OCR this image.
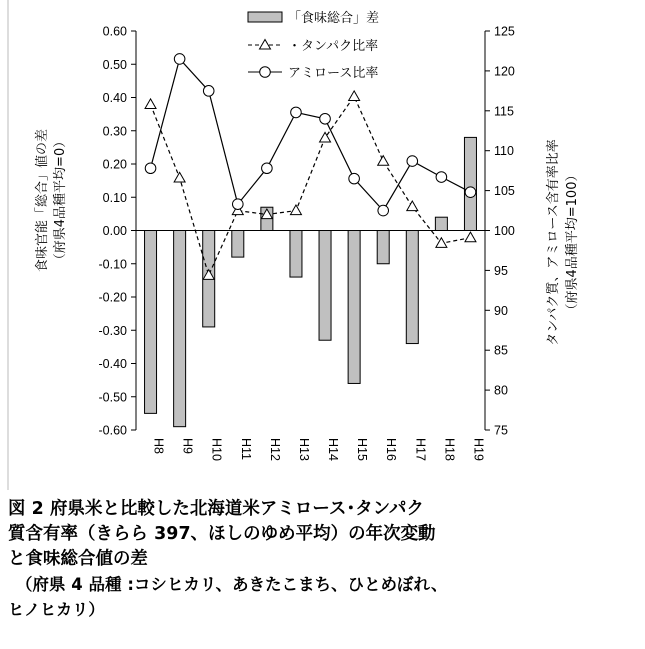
0.60
0.50
0.40
0.30
0.20
0.10
0.00
-0.10
-0.20
-0.30
-0.40
-0.50
-0.60
125
120
115
110
105
100
95
90
85
80
75
H8 H9 H10 H11 H12 H13 H14 H15 H16 H17 H18 H19
「食味総合」差
・タンパク比率
アミロース比率
食味官能「総合」値の差 （府県4品種平均=0）	タンパク質、アミロース含有率比率 （府県4品種平均=100）
図 2 府県米と比較した北海道米アミロース･タンパク
質含有率（きらら 397、ほしのゆめ平均）の年次変動
と食味総合値の差
（府県 4 品種 :コシヒカリ、あきたこまち、ひとめぼれ、
ヒノヒカリ）
